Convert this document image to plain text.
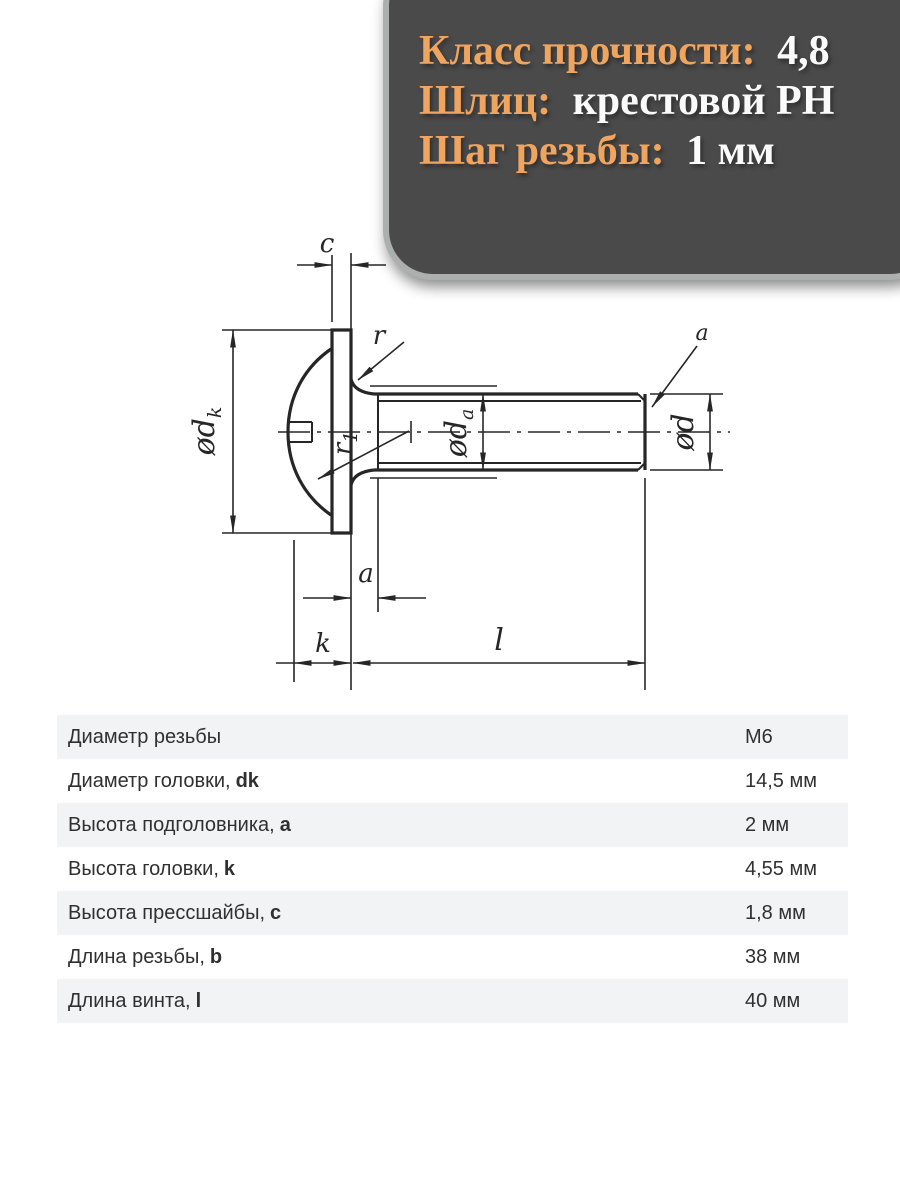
Класс прочности: 4,8
Шлиц: крестовой PH
Шаг резьбы: 1 мм
c
$ød_k$
r
$r_1$	$ød_a$
a
ød
a
k	l
Диаметр резьбы	М6
Диаметр головки, dk	14,5 мм
Высота подголовника, a	2 мм
Высота головки, k	4,55 мм
Высота прессшайбы, c	1,8 мм
Длина резьбы, b	38 мм
Длина винта, l	40 мм
